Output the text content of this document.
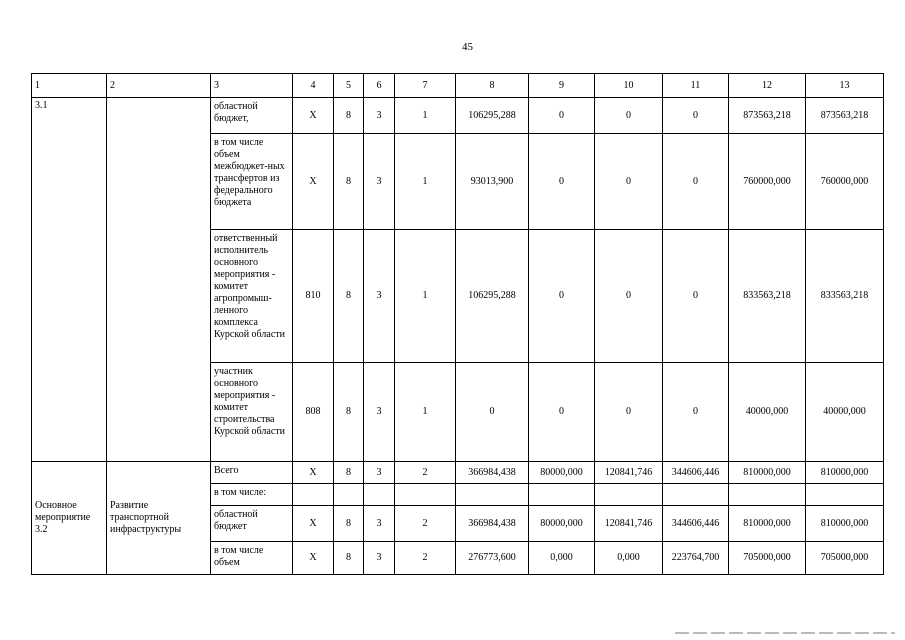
45
1	2	3	4	5	6	7	8	9	10	11	12	13
3.1		областной бюджет,	X	8	3	1	106295,288	0	0	0	873563,218	873563,218
		в том числе объем межбюджет-ных трансфертов из федерального бюджета	X	8	3	1	93013,900	0	0	0	760000,000	760000,000
		ответственный исполнитель основного мероприятия - комитет агропромыш-ленного комплекса Курской области	810	8	3	1	106295,288	0	0	0	833563,218	833563,218
		участник основного мероприятия - комитет строительства Курской области	808	8	3	1	0	0	0	0	40000,000	40000,000
Основное мероприятие 3.2	Развитие транспортной инфраструктуры	Всего	X	8	3	2	366984,438	80000,000	120841,746	344606,446	810000,000	810000,000
		в том числе:										
		областной бюджет	X	8	3	2	366984,438	80000,000	120841,746	344606,446	810000,000	810000,000
		в том числе объем	X	8	3	2	276773,600	0,000	0,000	223764,700	705000,000	705000,000
